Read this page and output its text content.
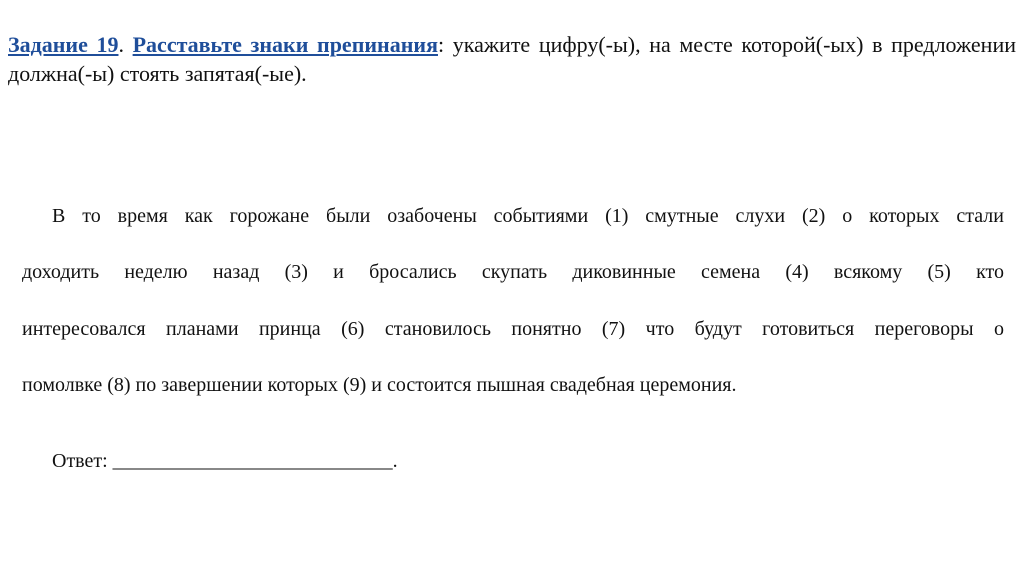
Задание 19. Расставьте знаки препинания: укажите цифру(-ы), на месте которой(-ых) в предложении должна(-ы) стоять запятая(-ые).
В то время как горожане были озабочены событиями (1) смутные слухи (2) о которых стали
доходить неделю назад (3) и бросались скупать диковинные семена (4) всякому (5) кто
интересовался планами принца (6) становилось понятно (7) что будут готовиться переговоры о
помолвке (8) по завершении которых (9) и состоится пышная свадебная церемония.
Ответ: ____________________________.
